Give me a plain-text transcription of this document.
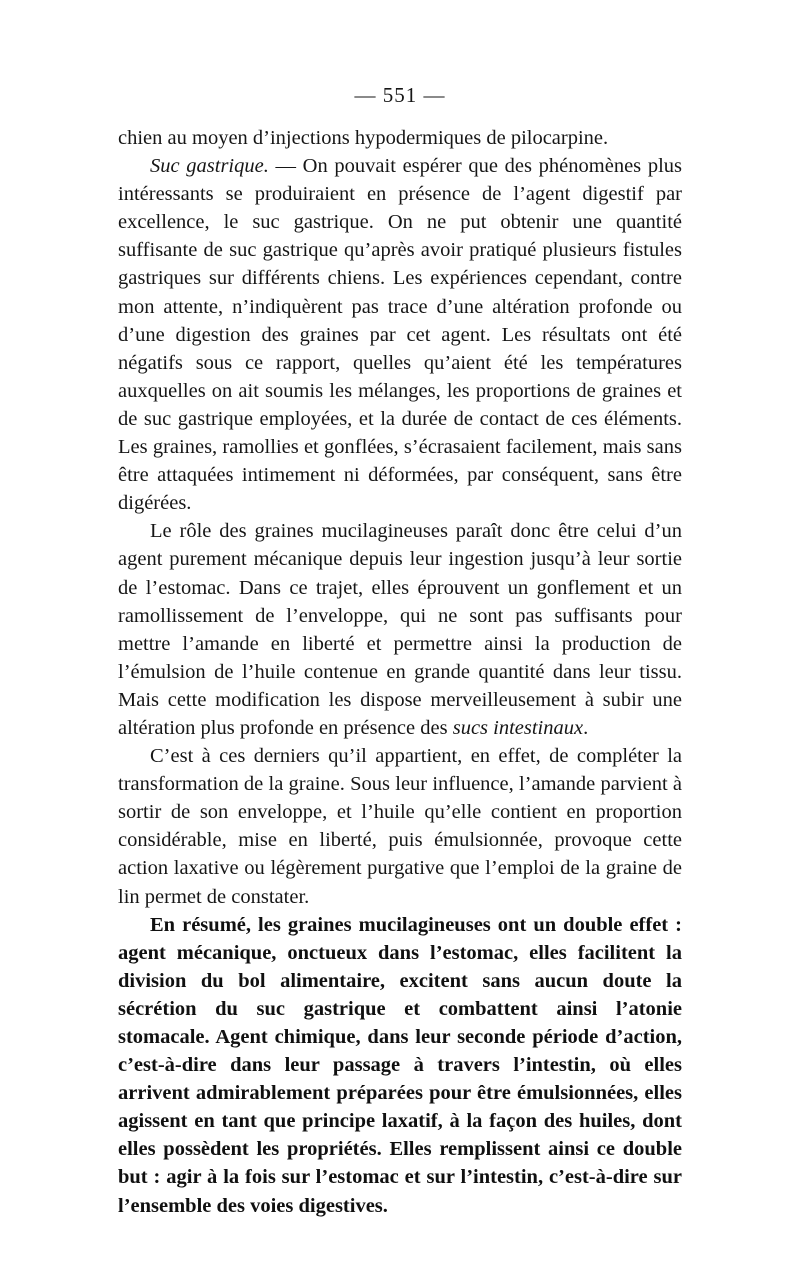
— 551 —

chien au moyen d’injections hypodermiques de pilocarpine.

Suc gastrique. — On pouvait espérer que des phénomènes plus intéressants se produiraient en présence de l’agent digestif par excellence, le suc gastrique. On ne put obtenir une quantité suffisante de suc gastrique qu’après avoir pratiqué plusieurs fistules gastriques sur différents chiens. Les expériences cependant, contre mon attente, n’indiquèrent pas trace d’une altération profonde ou d’une digestion des graines par cet agent. Les résultats ont été négatifs sous ce rapport, quelles qu’aient été les températures auxquelles on ait soumis les mélanges, les proportions de graines et de suc gastrique employées, et la durée de contact de ces éléments. Les graines, ramollies et gonflées, s’écrasaient facilement, mais sans être attaquées intimement ni déformées, par conséquent, sans être digérées.

Le rôle des graines mucilagineuses paraît donc être celui d’un agent purement mécanique depuis leur ingestion jusqu’à leur sortie de l’estomac. Dans ce trajet, elles éprouvent un gonflement et un ramollissement de l’enveloppe, qui ne sont pas suffisants pour mettre l’amande en liberté et permettre ainsi la production de l’émulsion de l’huile contenue en grande quantité dans leur tissu. Mais cette modification les dispose merveilleusement à subir une altération plus profonde en présence des sucs intestinaux.

C’est à ces derniers qu’il appartient, en effet, de compléter la transformation de la graine. Sous leur influence, l’amande parvient à sortir de son enveloppe, et l’huile qu’elle contient en proportion considérable, mise en liberté, puis émulsionnée, provoque cette action laxative ou légèrement purgative que l’emploi de la graine de lin permet de constater.

En résumé, les graines mucilagineuses ont un double effet : agent mécanique, onctueux dans l’estomac, elles facilitent la division du bol alimentaire, excitent sans aucun doute la sécrétion du suc gastrique et combattent ainsi l’atonie stomacale. Agent chimique, dans leur seconde période d’action, c’est-à-dire dans leur passage à travers l’intestin, où elles arrivent admirablement préparées pour être émulsionnées, elles agissent en tant que principe laxatif, à la façon des huiles, dont elles possèdent les propriétés. Elles remplissent ainsi ce double but : agir à la fois sur l’estomac et sur l’intestin, c’est-à-dire sur l’ensemble des voies digestives.
